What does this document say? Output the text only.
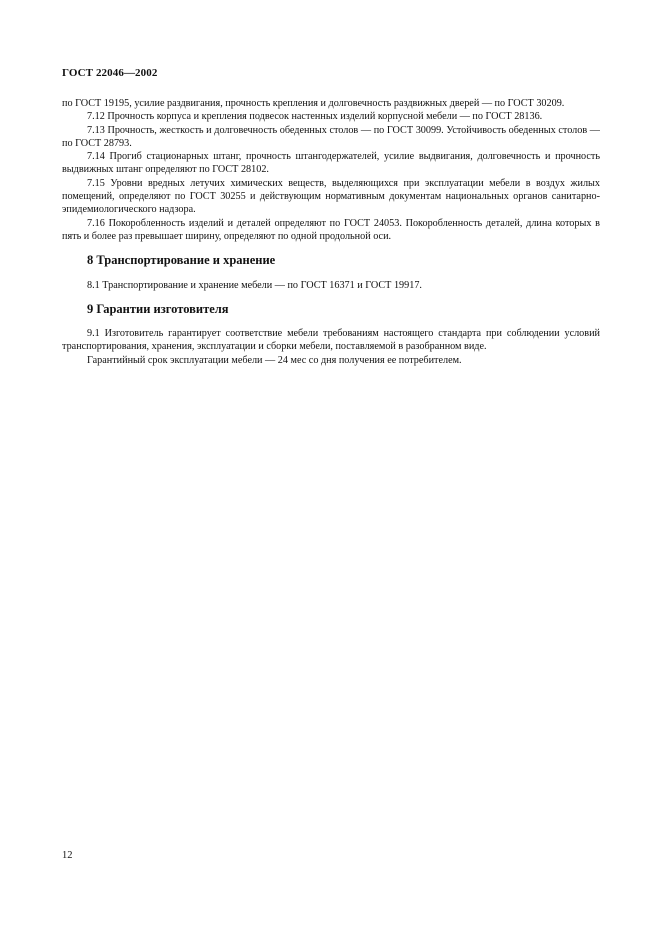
ГОСТ 22046—2002

по ГОСТ 19195, усилие раздвигания, прочность крепления и долговечность раздвижных дверей — по ГОСТ 30209.

7.12 Прочность корпуса и крепления подвесок настенных изделий корпусной мебели — по ГОСТ 28136.

7.13 Прочность, жесткость и долговечность обеденных столов — по ГОСТ 30099. Устойчивость обеденных столов — по ГОСТ 28793.

7.14 Прогиб стационарных штанг, прочность штангодержателей, усилие выдвигания, долговечность и прочность выдвижных штанг определяют по ГОСТ 28102.

7.15 Уровни вредных летучих химических веществ, выделяющихся при эксплуатации мебели в воздух жилых помещений, определяют по ГОСТ 30255 и действующим нормативным документам национальных органов санитарно-эпидемиологического надзора.

7.16 Покоробленность изделий и деталей определяют по ГОСТ 24053. Покоробленность деталей, длина которых в пять и более раз превышает ширину, определяют по одной продольной оси.

8 Транспортирование и хранение

8.1 Транспортирование и хранение мебели — по ГОСТ 16371 и ГОСТ 19917.

9 Гарантии изготовителя

9.1 Изготовитель гарантирует соответствие мебели требованиям настоящего стандарта при соблюдении условий транспортирования, хранения, эксплуатации и сборки мебели, поставляемой в разобранном виде.

Гарантийный срок эксплуатации мебели — 24 мес со дня получения ее потребителем.

12
